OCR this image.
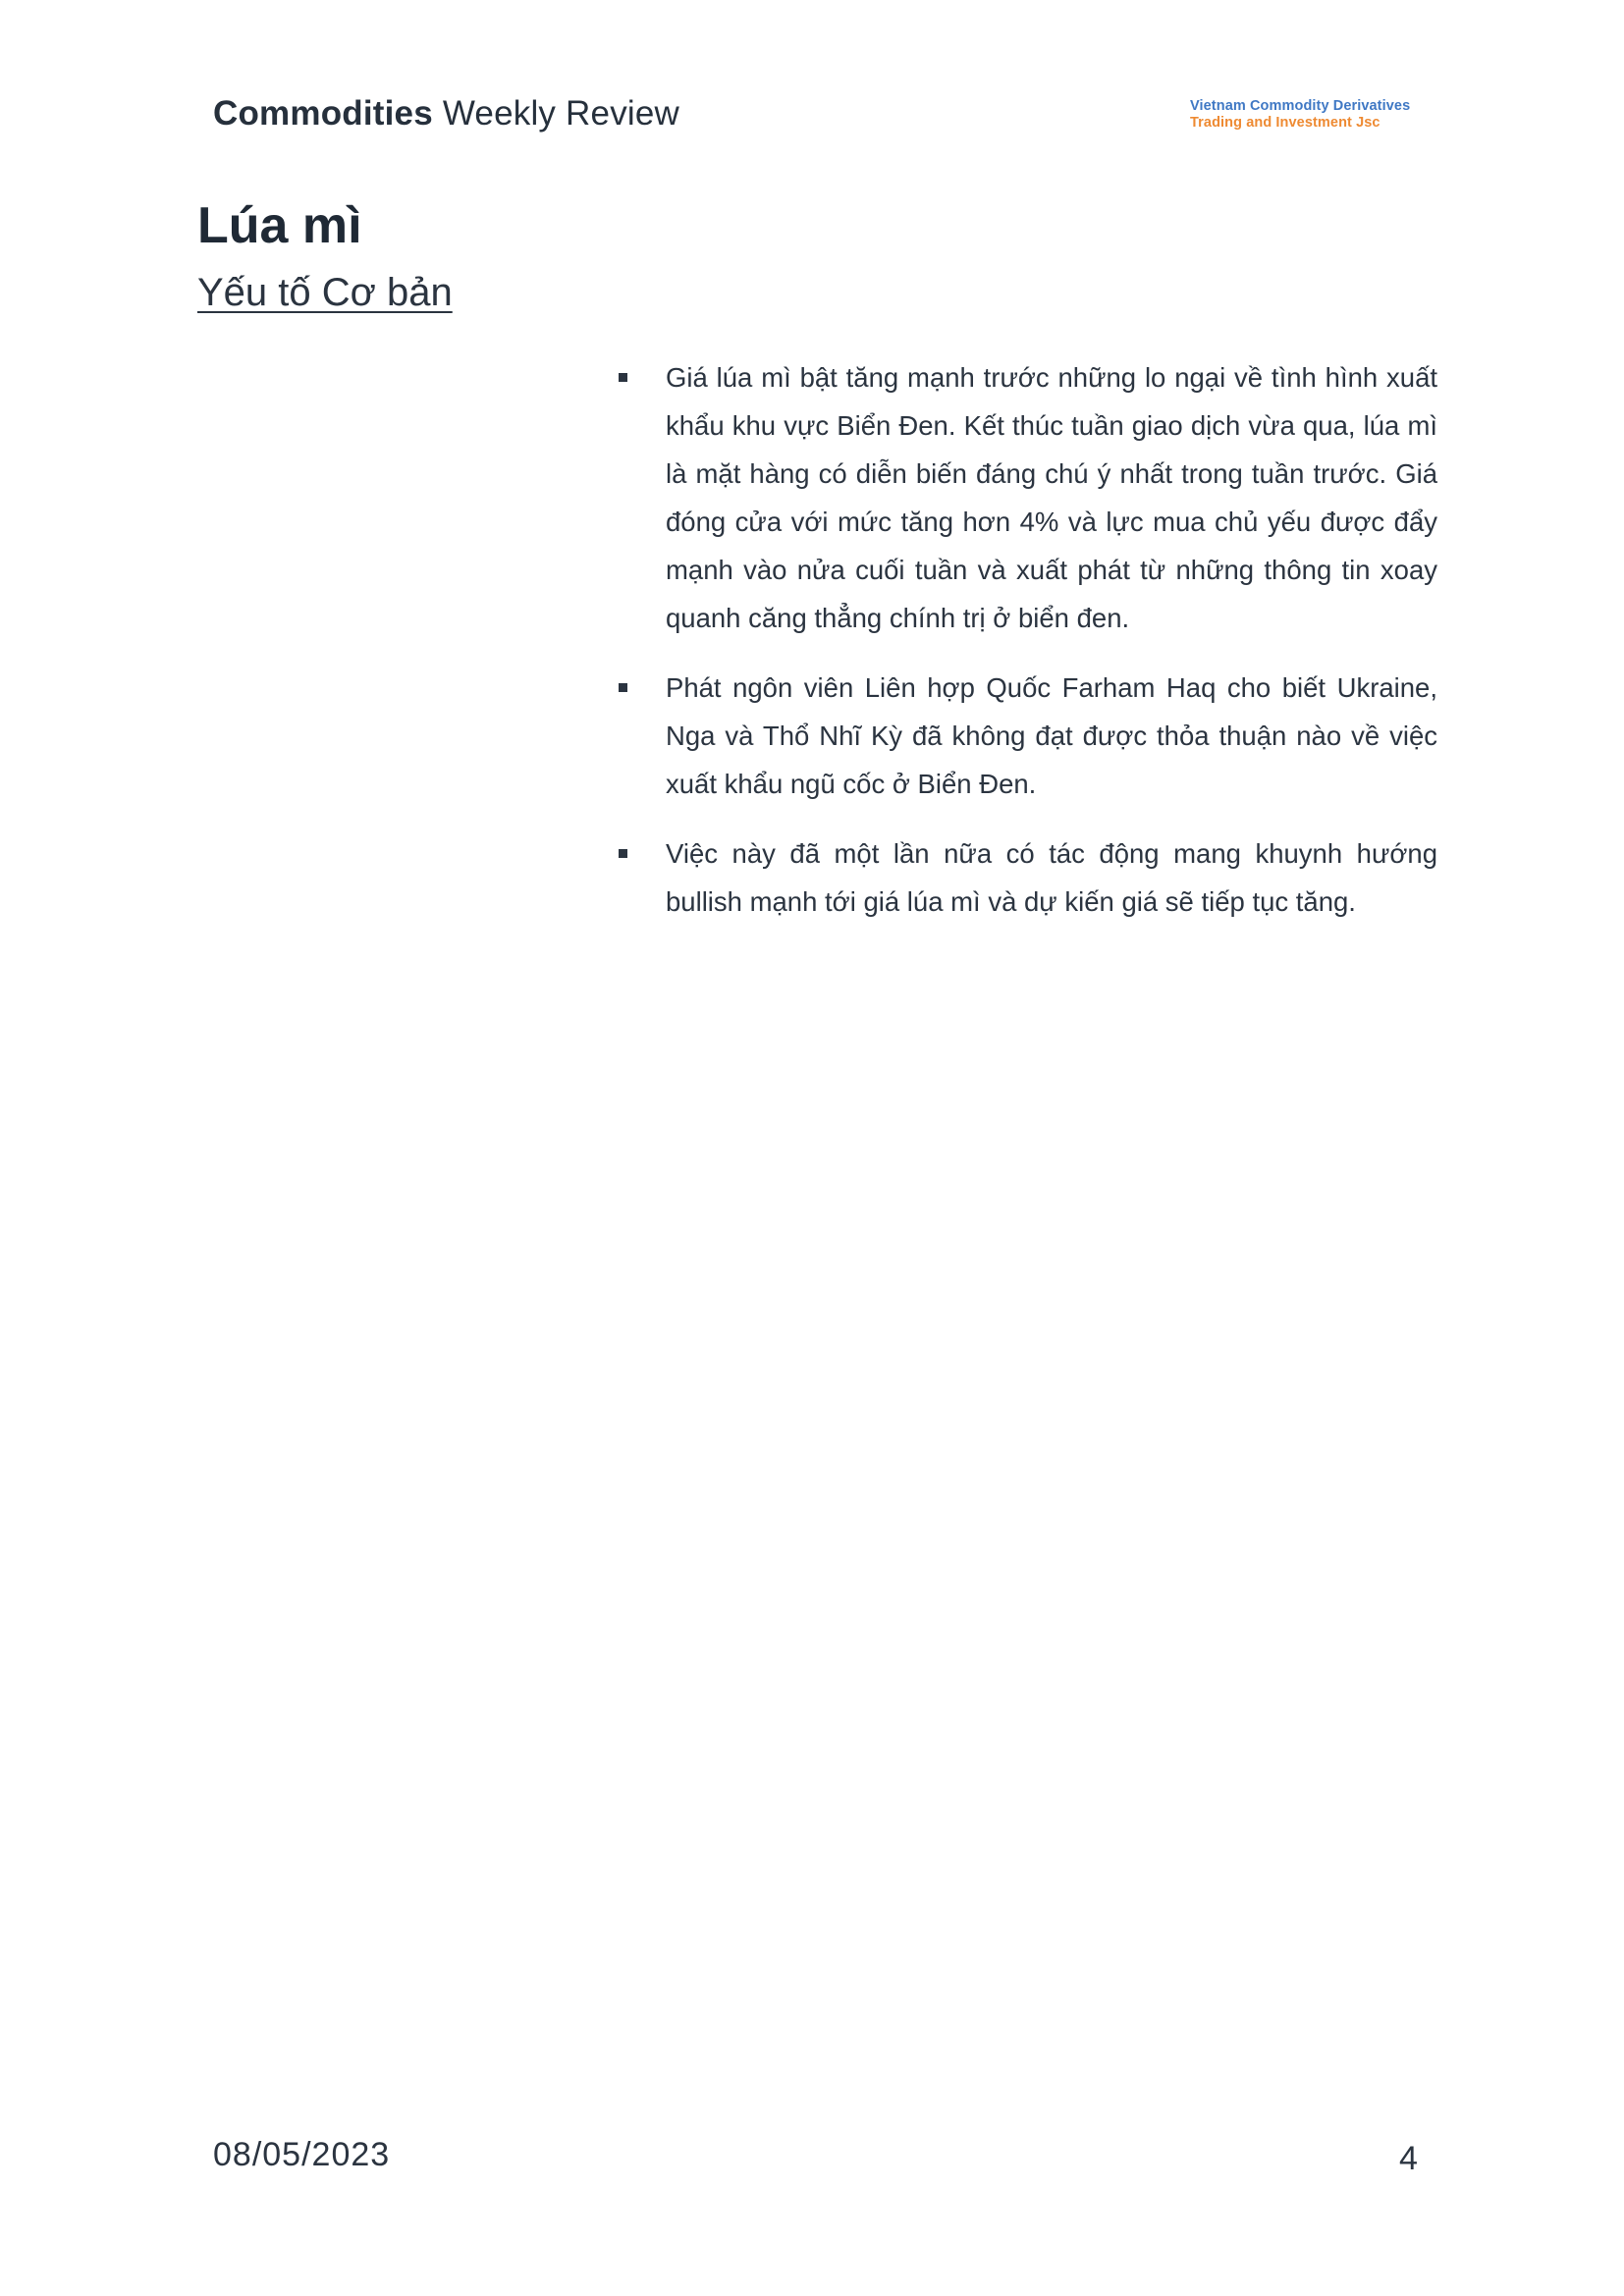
Commodities Weekly Review	Vietnam Commodity Derivatives
Trading and Investment Jsc
Lúa mì
Yếu tố Cơ bản
Giá lúa mì bật tăng mạnh trước những lo ngại về tình hình xuất khẩu khu vực Biển Đen. Kết thúc tuần giao dịch vừa qua, lúa mì là mặt hàng có diễn biến đáng chú ý nhất trong tuần trước. Giá đóng cửa với mức tăng hơn 4% và lực mua chủ yếu được đẩy mạnh vào nửa cuối tuần và xuất phát từ những thông tin xoay quanh căng thẳng chính trị ở biển đen.
Phát ngôn viên Liên hợp Quốc Farham Haq cho biết Ukraine, Nga và Thổ Nhĩ Kỳ đã không đạt được thỏa thuận nào về việc xuất khẩu ngũ cốc ở Biển Đen.
Việc này đã một lần nữa có tác động mang khuynh hướng bullish mạnh tới giá lúa mì và dự kiến giá sẽ tiếp tục tăng.
08/05/2023	4
